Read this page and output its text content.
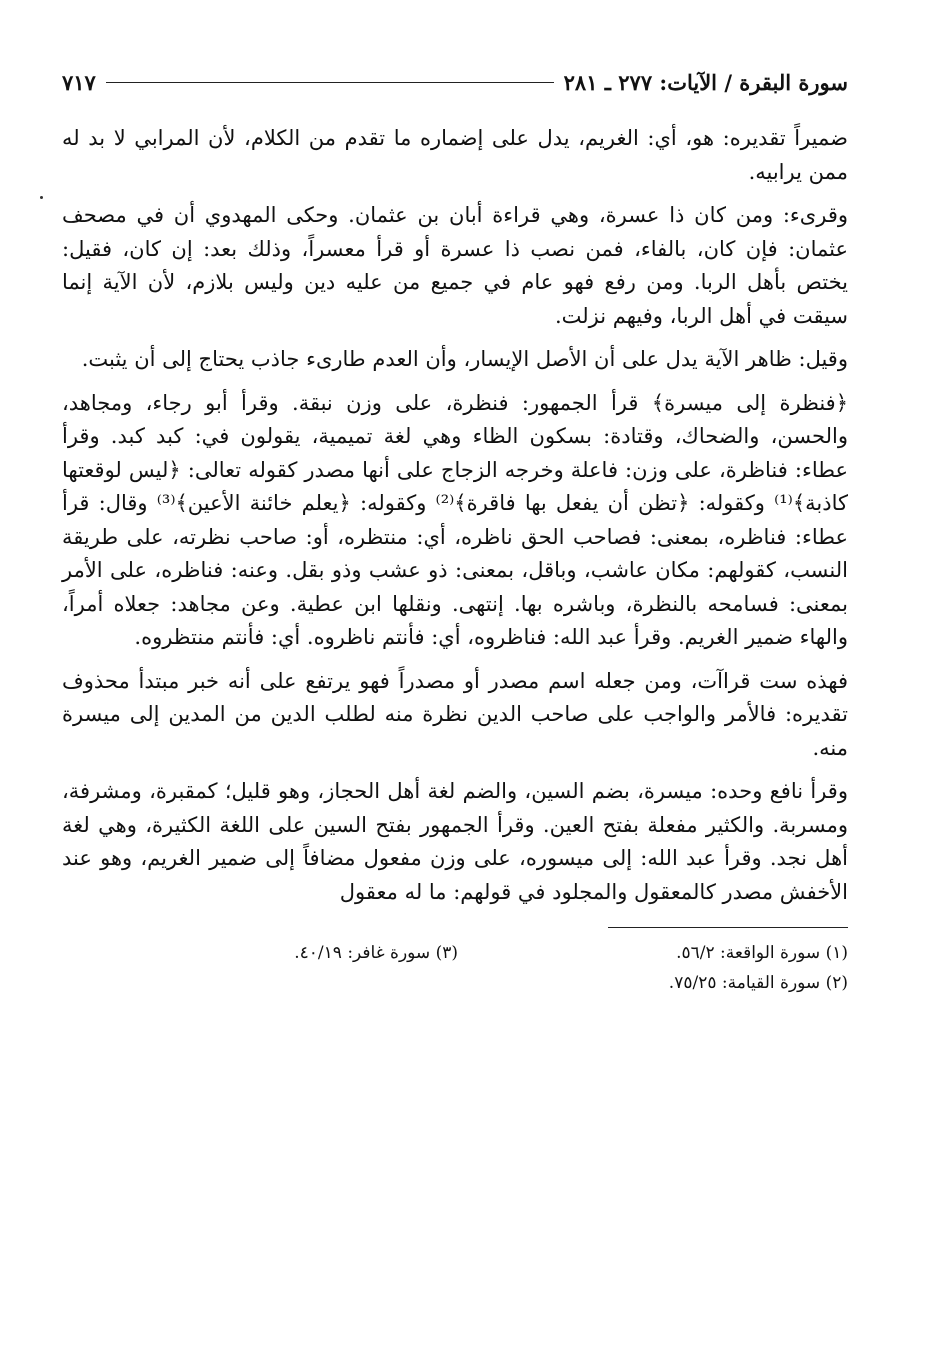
سورة البقرة / الآيات: ٢٧٧ ـ ٢٨١
٧١٧

ضميراً تقديره: هو، أي: الغريم، يدل على إضماره ما تقدم من الكلام، لأن المرابي لا بد له ممن يرابيه.

وقرىء: ومن كان ذا عسرة، وهي قراءة أبان بن عثمان. وحكى المهدوي أن في مصحف عثمان: فإن كان، بالفاء، فمن نصب ذا عسرة أو قرأ معسراً، وذلك بعد: إن كان، فقيل: يختص بأهل الربا. ومن رفع فهو عام في جميع من عليه دين وليس بلازم، لأن الآية إنما سيقت في أهل الربا، وفيهم نزلت.

وقيل: ظاهر الآية يدل على أن الأصل الإيسار، وأن العدم طارىء جاذب يحتاج إلى أن يثبت.

﴿فنظرة إلى ميسرة﴾ قرأ الجمهور: فنظرة، على وزن نبقة. وقرأ أبو رجاء، ومجاهد، والحسن، والضحاك، وقتادة: بسكون الظاء وهي لغة تميمية، يقولون في: كبد كبد. وقرأ عطاء: فناظرة، على وزن: فاعلة وخرجه الزجاج على أنها مصدر كقوله تعالى: ﴿ليس لوقعتها كاذبة﴾⁽¹⁾ وكقوله: ﴿تظن أن يفعل بها فاقرة﴾⁽²⁾ وكقوله: ﴿يعلم خائنة الأعين﴾⁽³⁾ وقال: قرأ عطاء: فناظره، بمعنى: فصاحب الحق ناظره، أي: منتظره، أو: صاحب نظرته، على طريقة النسب، كقولهم: مكان عاشب، وباقل، بمعنى: ذو عشب وذو بقل. وعنه: فناظره، على الأمر بمعنى: فسامحه بالنظرة، وباشره بها. إنتهى. ونقلها ابن عطية. وعن مجاهد: جعلاه أمراً، والهاء ضمير الغريم. وقرأ عبد الله: فناظروه، أي: فأنتم ناظروه. أي: فأنتم منتظروه.

فهذه ست قراآت، ومن جعله اسم مصدر أو مصدراً فهو يرتفع على أنه خبر مبتدأ محذوف تقديره: فالأمر والواجب على صاحب الدين نظرة منه لطلب الدين من المدين إلى ميسرة منه.

وقرأ نافع وحده: ميسرة، بضم السين، والضم لغة أهل الحجاز، وهو قليل؛ كمقبرة، ومشرفة، ومسربة. والكثير مفعلة بفتح العين. وقرأ الجمهور بفتح السين على اللغة الكثيرة، وهي لغة أهل نجد. وقرأ عبد الله: إلى ميسوره، على وزن مفعول مضافاً إلى ضمير الغريم، وهو عند الأخفش مصدر كالمعقول والمجلود في قولهم: ما له معقول

(١) سورة الواقعة: ٥٦/٢.
(٣) سورة غافر: ٤٠/١٩.
(٢) سورة القيامة: ٧٥/٢٥.
